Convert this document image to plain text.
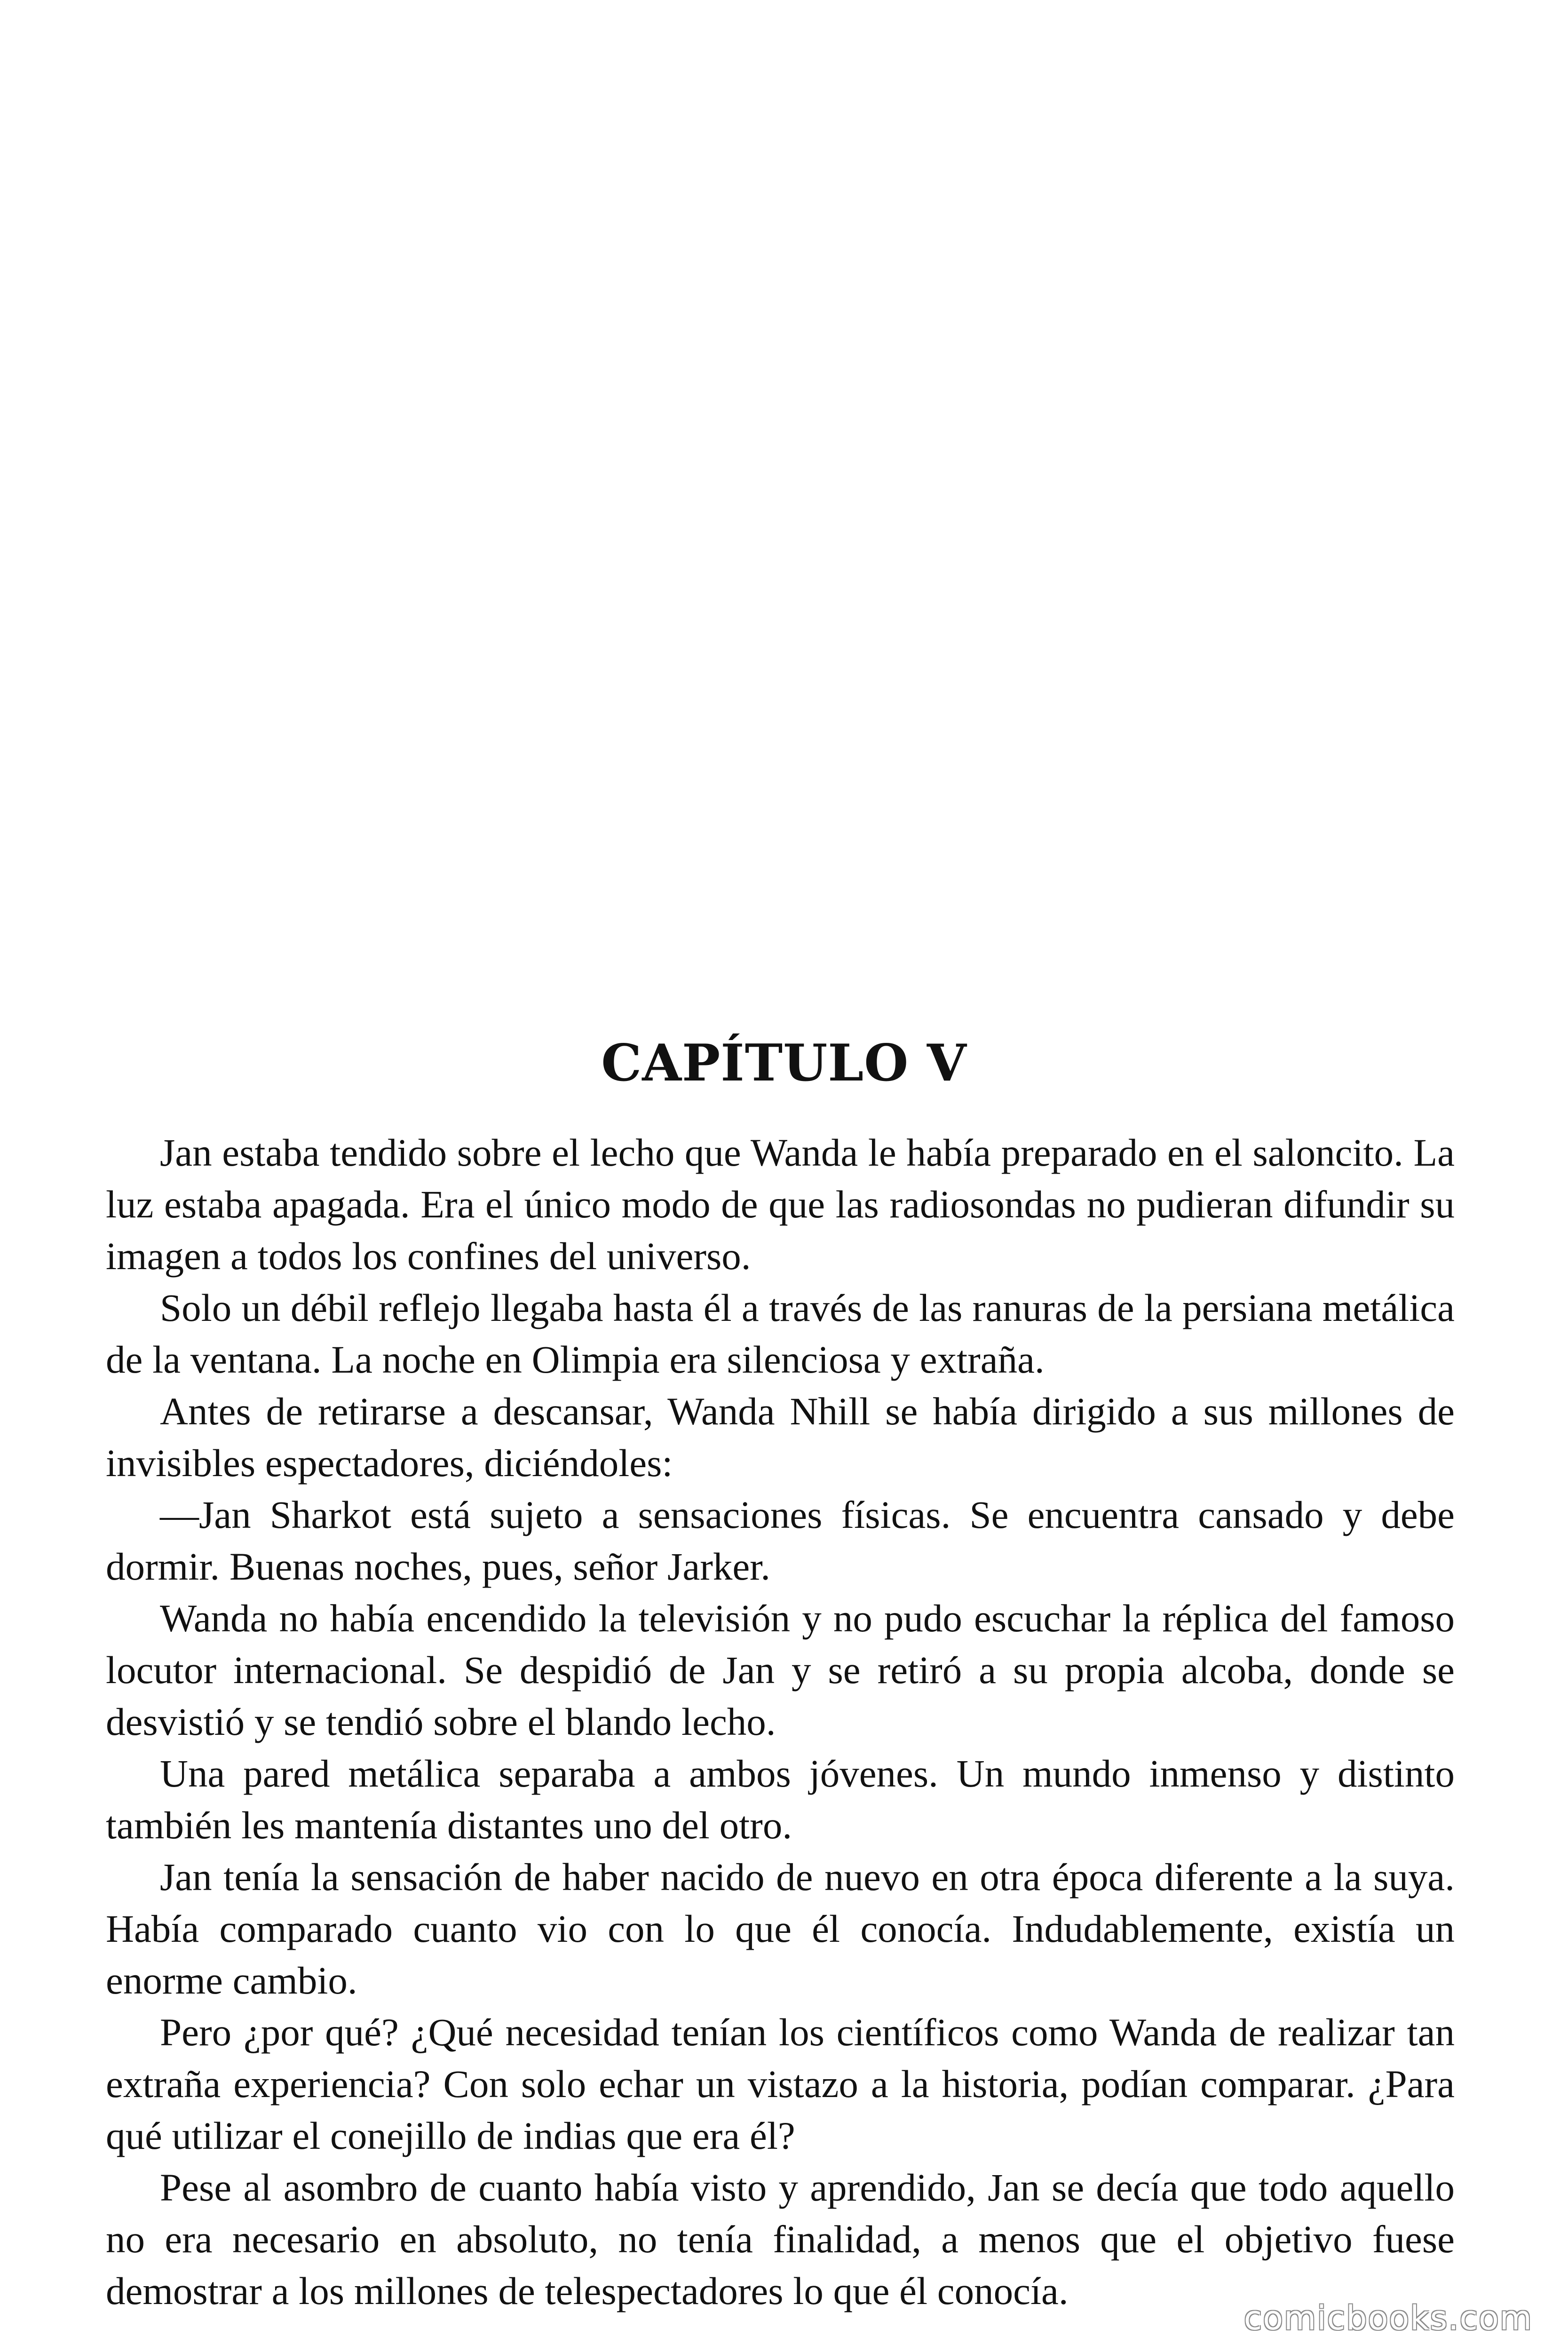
CAPÍTULO V

Jan estaba tendido sobre el lecho que Wanda le había preparado en el saloncito. La luz estaba apagada. Era el único modo de que las radiosondas no pudieran difundir su imagen a todos los confines del universo.

Solo un débil reflejo llegaba hasta él a través de las ranuras de la persiana metálica de la ventana. La noche en Olimpia era silenciosa y extraña.

Antes de retirarse a descansar, Wanda Nhill se había dirigido a sus millones de invisibles espectadores, diciéndoles:

—Jan Sharkot está sujeto a sensaciones físicas. Se encuentra cansado y debe dormir. Buenas noches, pues, señor Jarker.

Wanda no había encendido la televisión y no pudo escuchar la réplica del famoso locutor internacional. Se despidió de Jan y se retiró a su propia alcoba, donde se desvistió y se tendió sobre el blando lecho.

Una pared metálica separaba a ambos jóvenes. Un mundo inmenso y distinto también les mantenía distantes uno del otro.

Jan tenía la sensación de haber nacido de nuevo en otra época diferente a la suya. Había comparado cuanto vio con lo que él conocía. Indudablemente, existía un enorme cambio.

Pero ¿por qué? ¿Qué necesidad tenían los científicos como Wanda de realizar tan extraña experiencia? Con solo echar un vistazo a la historia, podían comparar. ¿Para qué utilizar el conejillo de indias que era él?

Pese al asombro de cuanto había visto y aprendido, Jan se decía que todo aquello no era necesario en absoluto, no tenía finalidad, a menos que el objetivo fuese demostrar a los millones de telespectadores lo que él conocía.

comicbooks.com
